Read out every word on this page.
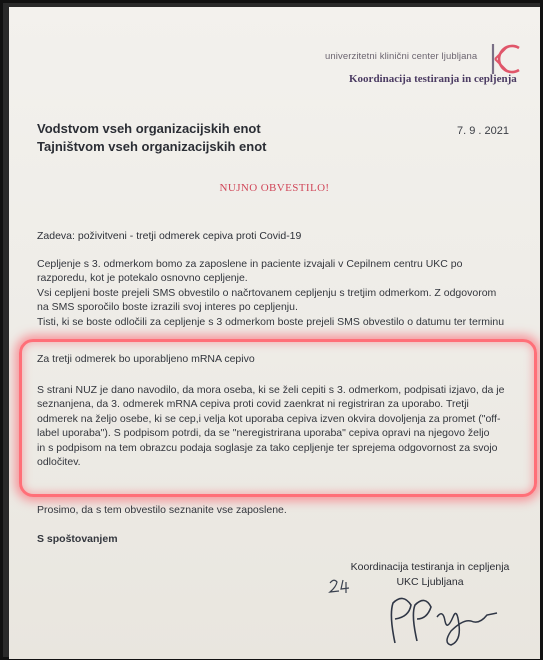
univerzitetni klinični center ljubljana
Koordinacija testiranja in cepljenja
Vodstvom vseh organizacijskih enot
Tajništvom vseh organizacijskih enot
7. 9 . 2021
NUJNO OBVESTILO!
Zadeva: poživitveni - tretji odmerek cepiva proti Covid-19
Cepljenje s 3. odmerkom bomo za zaposlene in paciente izvajali v Cepilnem centru UKC po
razporedu, kot je potekalo osnovno cepljenje.
Vsi cepljeni boste prejeli SMS obvestilo o načrtovanem cepljenju s tretjim odmerkom. Z odgovorom
na SMS sporočilo boste izrazili svoj interes po cepljenju.
Tisti, ki se boste odločili za cepljenje s 3 odmerkom boste prejeli SMS obvestilo o datumu ter terminu
Za tretji odmerek bo uporabljeno mRNA cepivo
S strani NUZ je dano navodilo, da mora oseba, ki se želi cepiti s 3. odmerkom, podpisati izjavo, da je
seznanjena, da 3. odmerek mRNA cepiva proti covid zaenkrat ni registriran za uporabo. Tretji
odmerek na željo osebe, ki se cep,i velja kot uporaba cepiva izven okvira dovoljenja za promet ("off-
label uporaba"). S podpisom potrdi, da se "neregistrirana uporaba" cepiva opravi na njegovo željo
in s podpisom na tem obrazcu podaja soglasje za tako cepljenje ter sprejema odgovornost za svojo
odločitev.
Prosimo, da s tem obvestilo seznanite vse zaposlene.
S spoštovanjem
Koordinacija testiranja in cepljenja
UKC Ljubljana
